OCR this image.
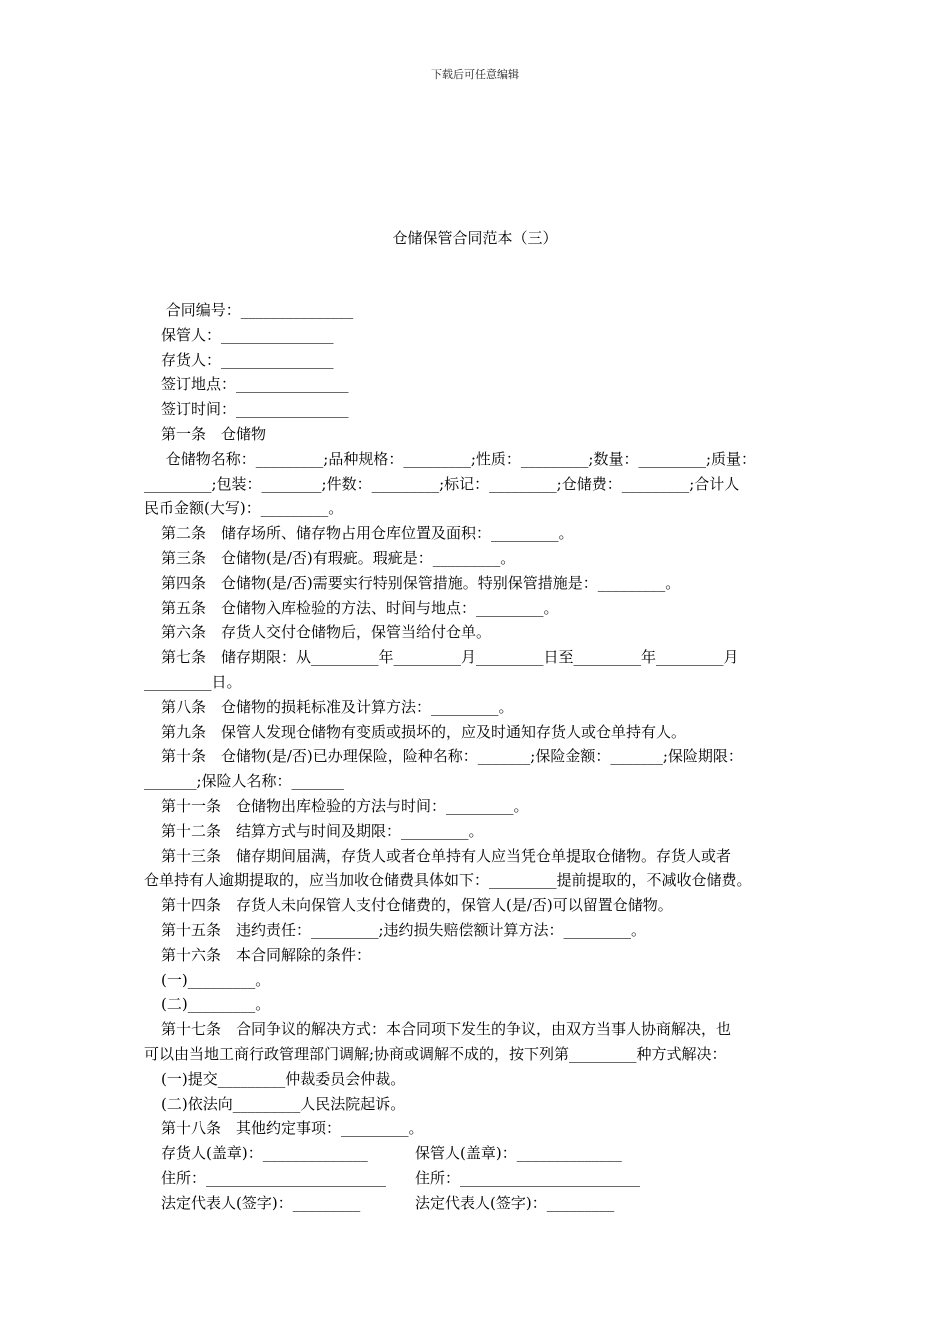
下载后可任意编辑
仓储保管合同范本（三）

合同编号：_______________

保管人：_______________

存货人：_______________

签订地点：_______________

签订时间：_______________

第一条　仓储物

仓储物名称：_________;品种规格：_________;性质：_________;数量：_________;质量：

_________;包装：________;件数：_________;标记：_________;仓储费：_________;合计人

民币金额(大写)：_________。

第二条　储存场所、储存物占用仓库位置及面积：_________。

第三条　仓储物(是/否)有瑕疵。瑕疵是：_________。

第四条　仓储物(是/否)需要实行特别保管措施。特别保管措施是：_________。

第五条　仓储物入库检验的方法、时间与地点：_________。

第六条　存货人交付仓储物后，保管当给付仓单。

第七条　储存期限：从_________年_________月_________日至_________年_________月

_________日。

第八条　仓储物的损耗标准及计算方法：_________。

第九条　保管人发现仓储物有变质或损坏的，应及时通知存货人或仓单持有人。

第十条　仓储物(是/否)已办理保险，险种名称：_______;保险金额：_______;保险期限：

_______;保险人名称：_______

第十一条　仓储物出库检验的方法与时间：_________。

第十二条　结算方式与时间及期限：_________。

第十三条　储存期间届满，存货人或者仓单持有人应当凭仓单提取仓储物。存货人或者

仓单持有人逾期提取的，应当加收仓储费具体如下：_________提前提取的，不减收仓储费。

第十四条　存货人未向保管人支付仓储费的，保管人(是/否)可以留置仓储物。

第十五条　违约责任：_________;违约损失赔偿额计算方法：_________。

第十六条　本合同解除的条件：

(一)_________。

(二)_________。

第十七条　合同争议的解决方式：本合同项下发生的争议，由双方当事人协商解决，也

可以由当地工商行政管理部门调解;协商或调解不成的，按下列第_________种方式解决：

(一)提交_________仲裁委员会仲裁。

(二)依法向_________人民法院起诉。

第十八条　其他约定事项：_________。

存货人(盖章)：______________	保管人(盖章)：______________
住所：________________________	住所：________________________
法定代表人(签字)：_________	法定代表人(签字)：_________
